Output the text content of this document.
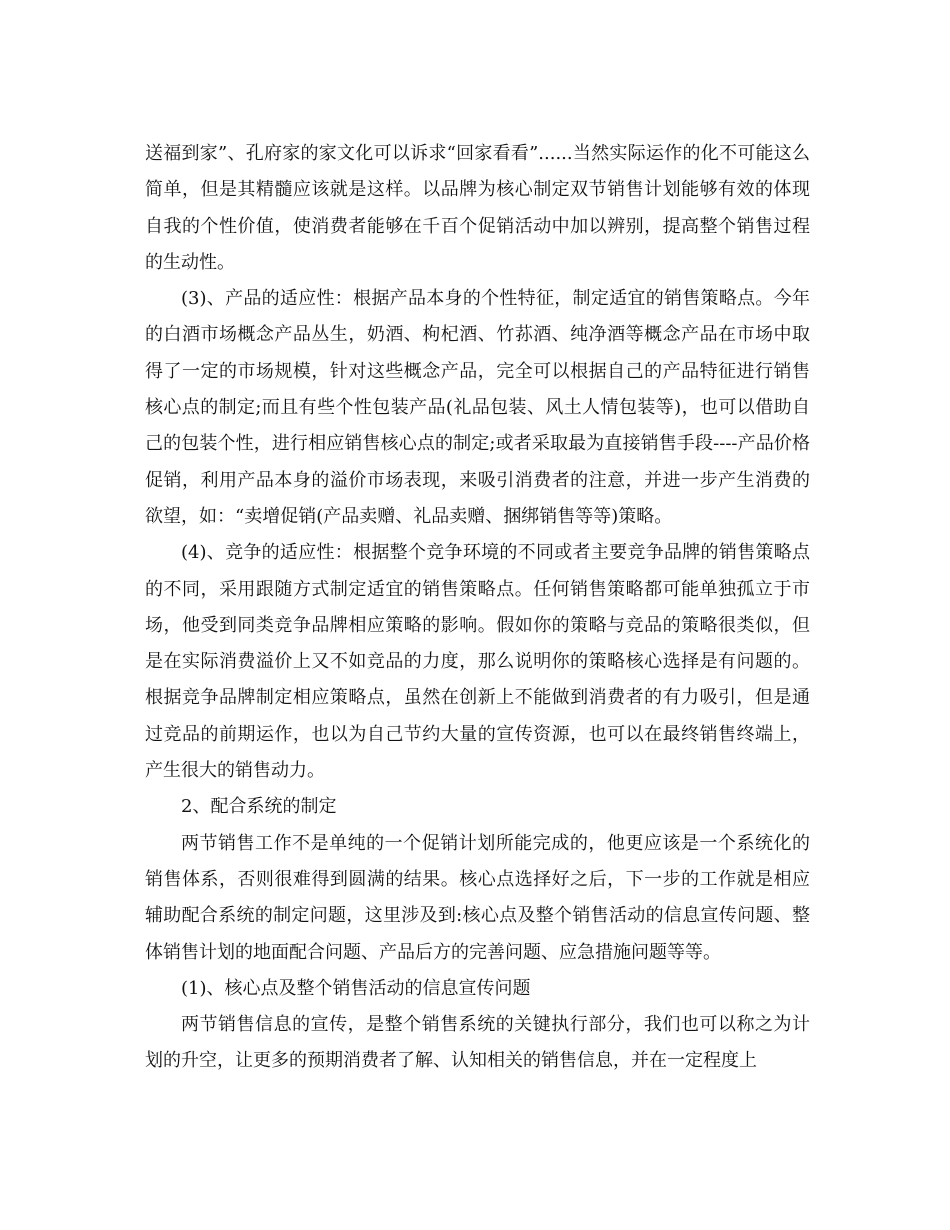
送福到家”、孔府家的家文化可以诉求“回家看看”......当然实际运作的化不可能这么简单，但是其精髓应该就是这样。以品牌为核心制定双节销售计划能够有效的体现自我的个性价值，使消费者能够在千百个促销活动中加以辨别，提高整个销售过程的生动性。

(3)、产品的适应性：根据产品本身的个性特征，制定适宜的销售策略点。今年的白酒市场概念产品丛生，奶酒、枸杞酒、竹荪酒、纯净酒等概念产品在市场中取得了一定的市场规模，针对这些概念产品，完全可以根据自己的产品特征进行销售核心点的制定;而且有些个性包装产品(礼品包装、风土人情包装等)，也可以借助自己的包装个性，进行相应销售核心点的制定;或者采取最为直接销售手段----产品价格促销，利用产品本身的溢价市场表现，来吸引消费者的注意，并进一步产生消费的欲望，如：“卖增促销(产品卖赠、礼品卖赠、捆绑销售等等)策略。

(4)、竞争的适应性：根据整个竞争环境的不同或者主要竞争品牌的销售策略点的不同，采用跟随方式制定适宜的销售策略点。任何销售策略都可能单独孤立于市场，他受到同类竞争品牌相应策略的影响。假如你的策略与竞品的策略很类似，但是在实际消费溢价上又不如竞品的力度，那么说明你的策略核心选择是有问题的。根据竞争品牌制定相应策略点，虽然在创新上不能做到消费者的有力吸引，但是通过竞品的前期运作，也以为自己节约大量的宣传资源，也可以在最终销售终端上，产生很大的销售动力。

2、配合系统的制定

两节销售工作不是单纯的一个促销计划所能完成的，他更应该是一个系统化的销售体系，否则很难得到圆满的结果。核心点选择好之后，下一步的工作就是相应辅助配合系统的制定问题，这里涉及到:核心点及整个销售活动的信息宣传问题、整体销售计划的地面配合问题、产品后方的完善问题、应急措施问题等等。

(1)、核心点及整个销售活动的信息宣传问题

两节销售信息的宣传，是整个销售系统的关键执行部分，我们也可以称之为计划的升空，让更多的预期消费者了解、认知相关的销售信息，并在一定程度上
